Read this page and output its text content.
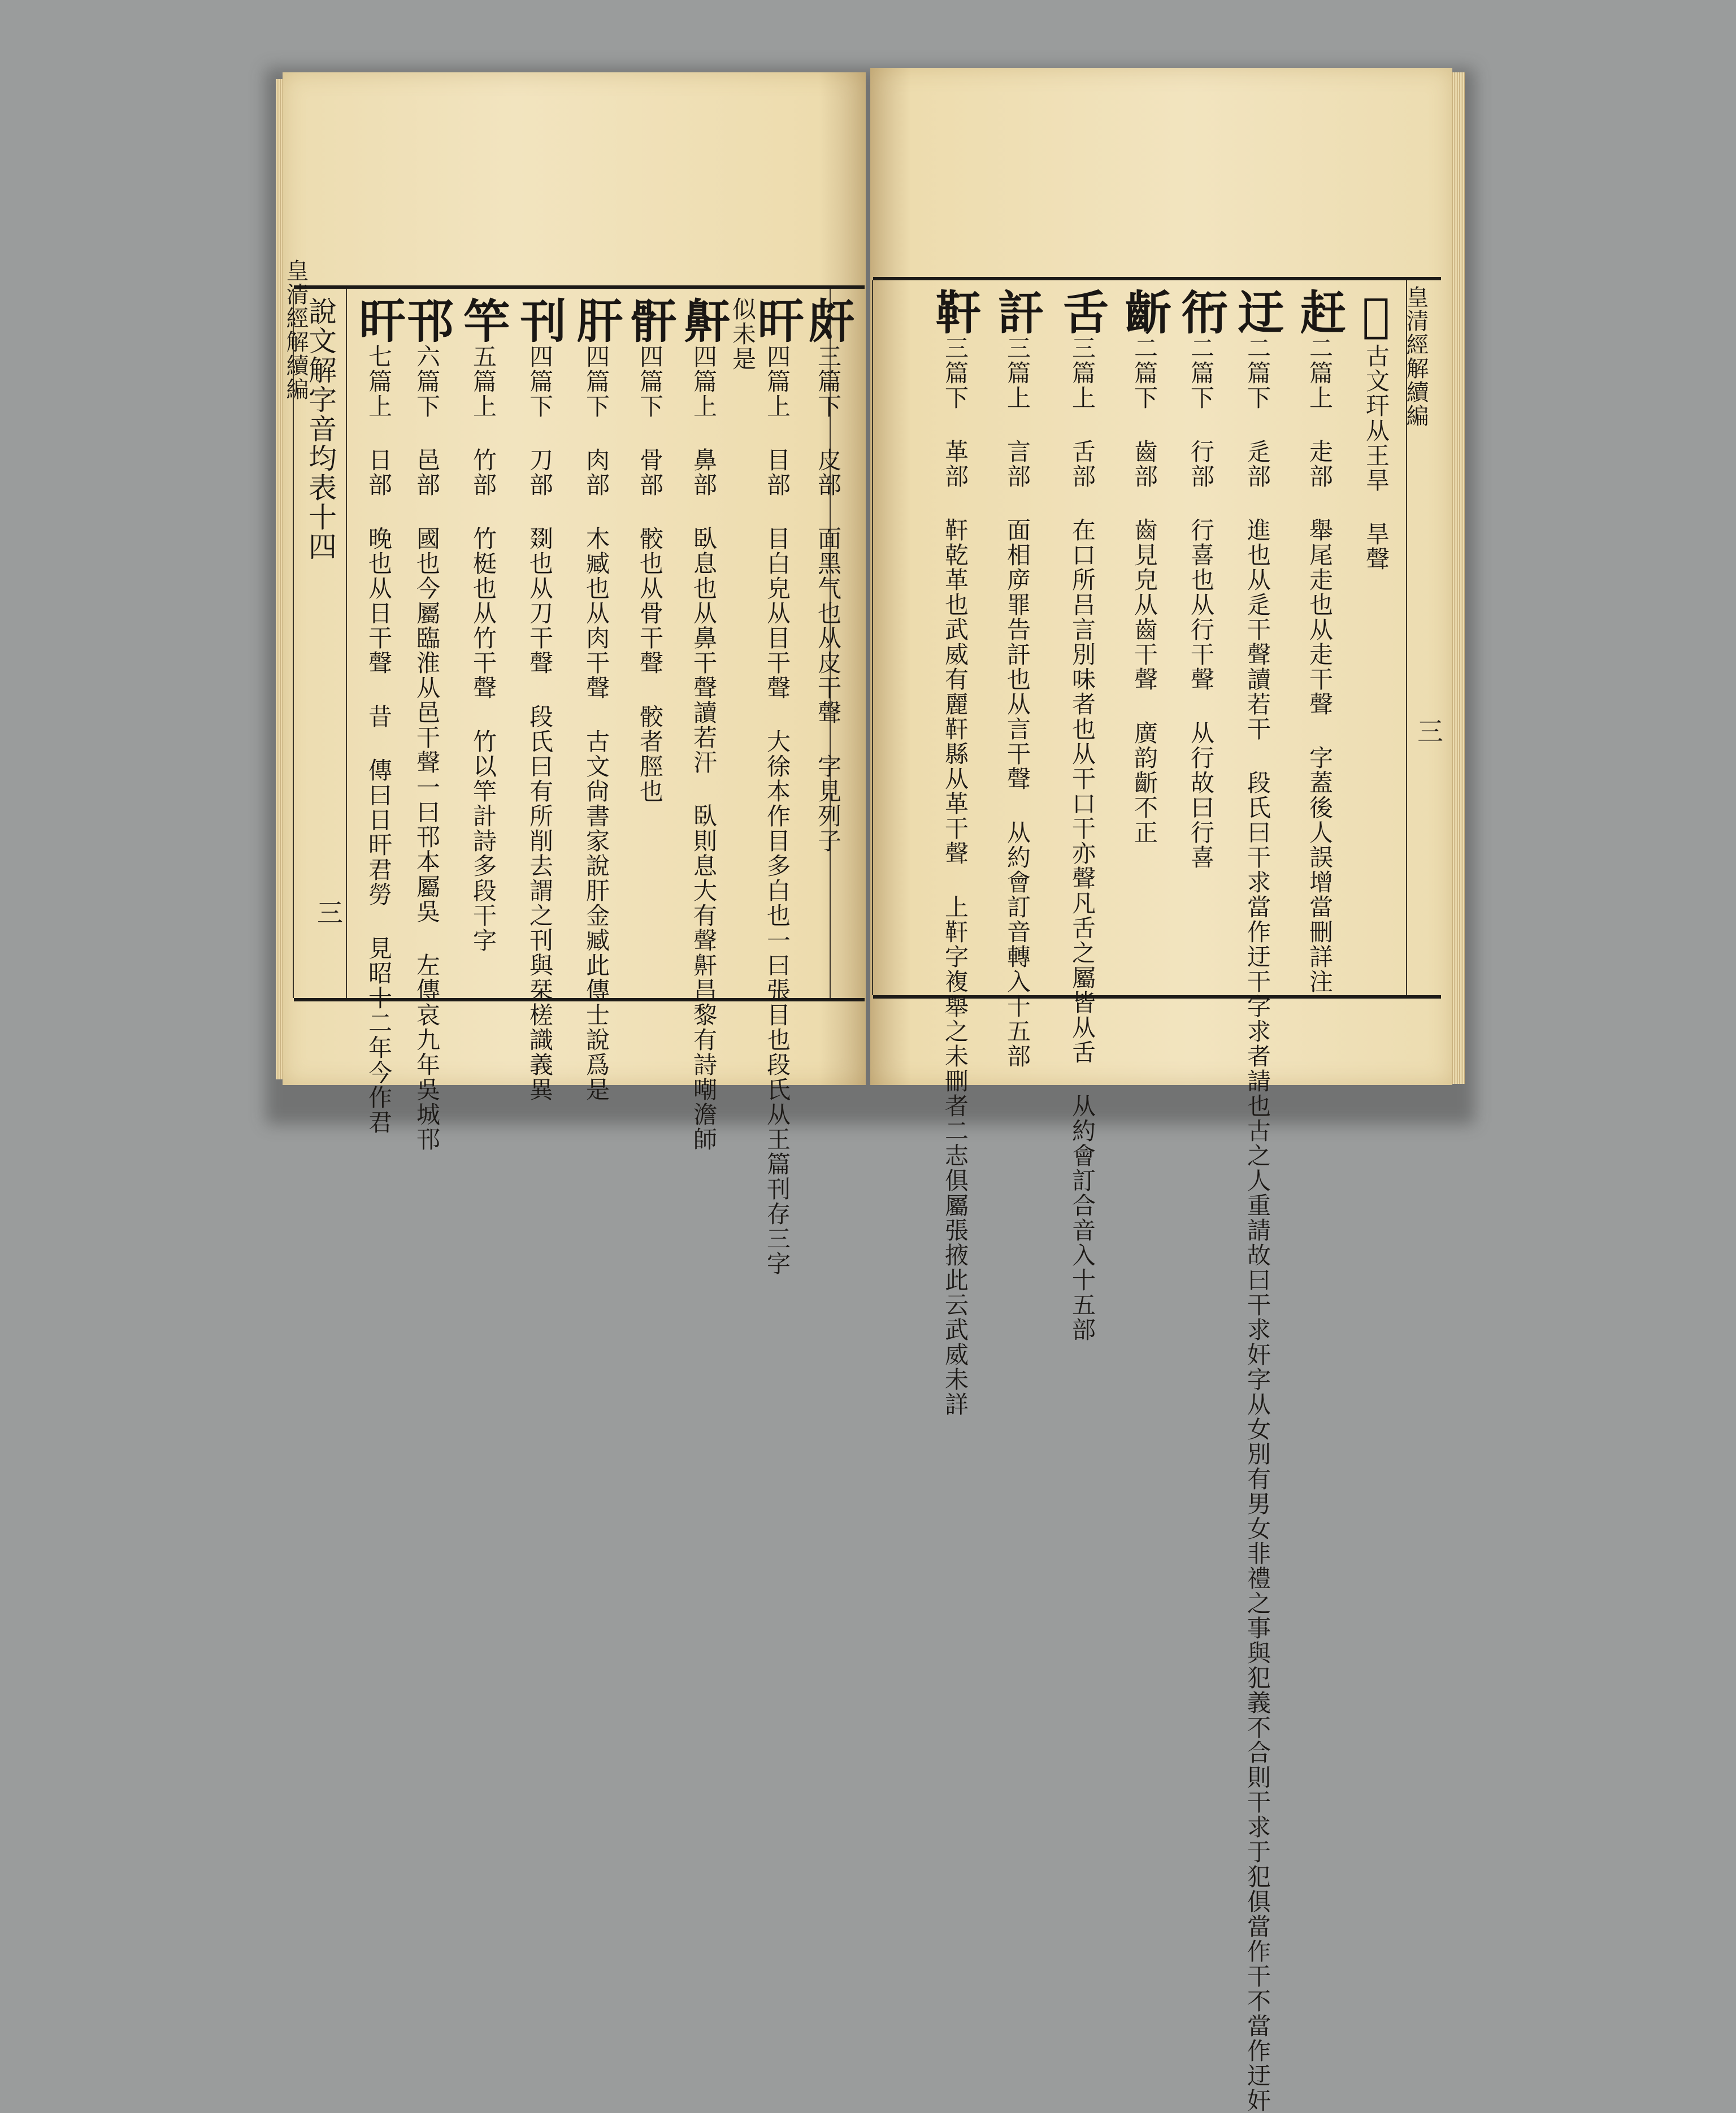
說文解字音均表十四
三
旰七篇上 日部 晚也从日干聲 昔 傳曰日旰君勞 見昭十二年今作君
邗六篇下 邑部 國也今屬臨淮从邑干聲一曰邗本屬吳 左傳哀九年吳城邗
竿五篇上 竹部 竹梃也从竹干聲 竹以竿計詩多段干字
刊四篇下 刀部 剟也从刀干聲 段氏曰有所削去謂之刊與栞槎識義異
肝四篇下 肉部 木臧也从肉干聲 古文尙書家說肝金臧此傳士說爲是
骭四篇下 骨部 骹也从骨干聲 骹者脛也
鼾四篇上 鼻部 臥息也从鼻干聲讀若汗 臥則息大有聲鼾昌黎有詩嘲澹師
似未是
旰四篇上 目部 目白皃从目干聲 大徐本作目多白也一曰張目也段氏从王篇刊存三字
皯三篇下 皮部 面黑气也从皮干聲 字見列子
皇清經解續編	靬三篇下 革部 靬乾革也武威有麗靬縣从革干聲 上靬字複舉之未刪者二志俱屬張掖此云武威未詳
訐三篇上 言部 面相㡿罪告訐也从言干聲 从約會訂音轉入十五部
舌三篇上 舌部 在口所吕言別味者也从干口干亦聲凡舌之屬皆从舌 从約會訂合音入十五部
齗二篇下 齒部 齒見皃从齒干聲 廣韵齗不正
衎二篇下 行部 行喜也从行干聲 从行故曰行喜
迂二篇下 辵部 進也从辵干聲讀若干 段氏曰干求當作迂干字求者請也古之人重請故曰干求奸字从女別有男女非禮之事與犯義不合則干求于犯俱當作干不當作迂奸
赶二篇上 走部 舉尾走也从走干聲 字蓋後人誤增當刪詳注
𤤤古文玕从王旱 旱聲 皇清經解續編
三
